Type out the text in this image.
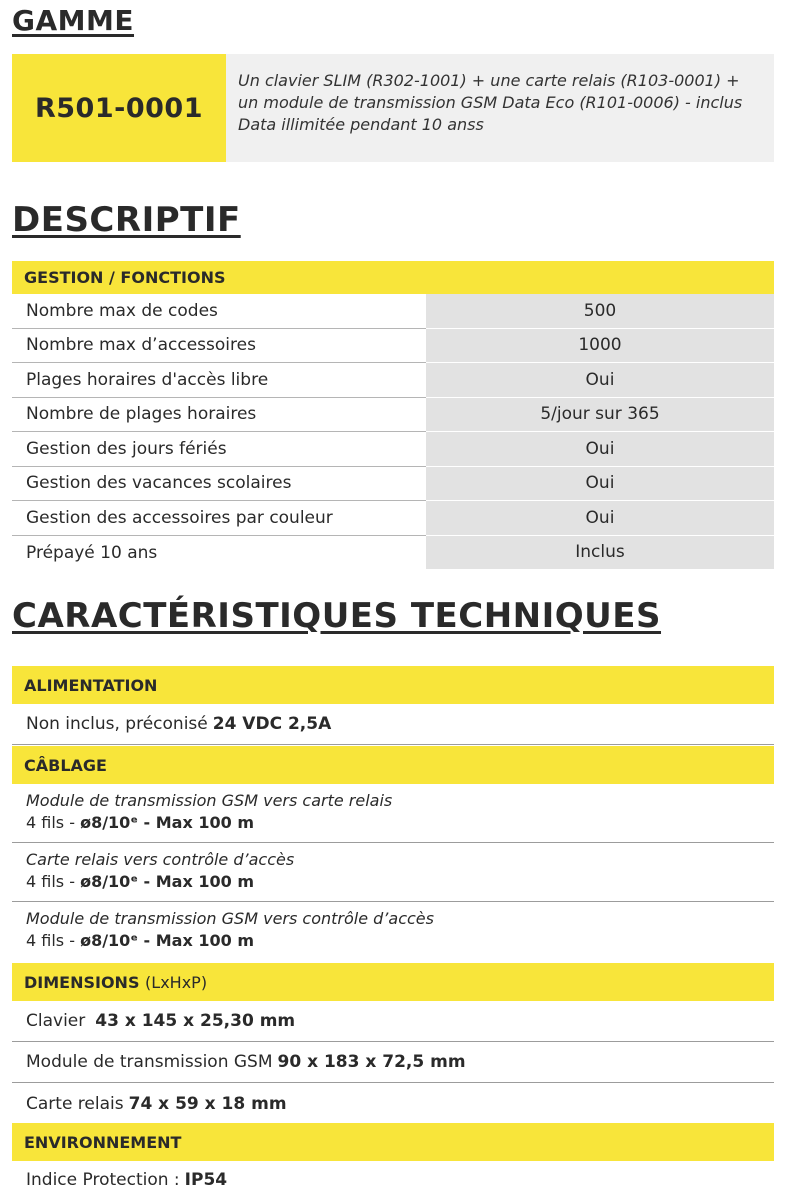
GAMME
R501-0001
Un clavier SLIM (R302-1001) + une carte relais (R103-0001) + un module de transmission GSM Data Eco (R101-0006) - inclus Data illimitée pendant 10 anss
DESCRIPTIF
GESTION / FONCTIONS
Nombre max de codes	500
Nombre max d’accessoires	1000
Plages horaires d'accès libre	Oui
Nombre de plages horaires	5/jour sur 365
Gestion des jours fériés	Oui
Gestion des vacances scolaires	Oui
Gestion des accessoires par couleur	Oui
Prépayé 10 ans	Inclus
CARACTÉRISTIQUES TECHNIQUES
ALIMENTATION
Non inclus, préconisé 24 VDC 2,5A
CÂBLAGE
Module de transmission GSM vers carte relais
4 fils - ø8/10ᵉ - Max 100 m
Carte relais vers contrôle d’accès
4 fils - ø8/10ᵉ - Max 100 m
Module de transmission GSM vers contrôle d’accès
4 fils - ø8/10ᵉ - Max 100 m
DIMENSIONS
(LxHxP)
Clavier 43 x 145 x 25,30 mm
Module de transmission GSM 90 x 183 x 72,5 mm
Carte relais 74 x 59 x 18 mm
ENVIRONNEMENT
Indice Protection : IP54
